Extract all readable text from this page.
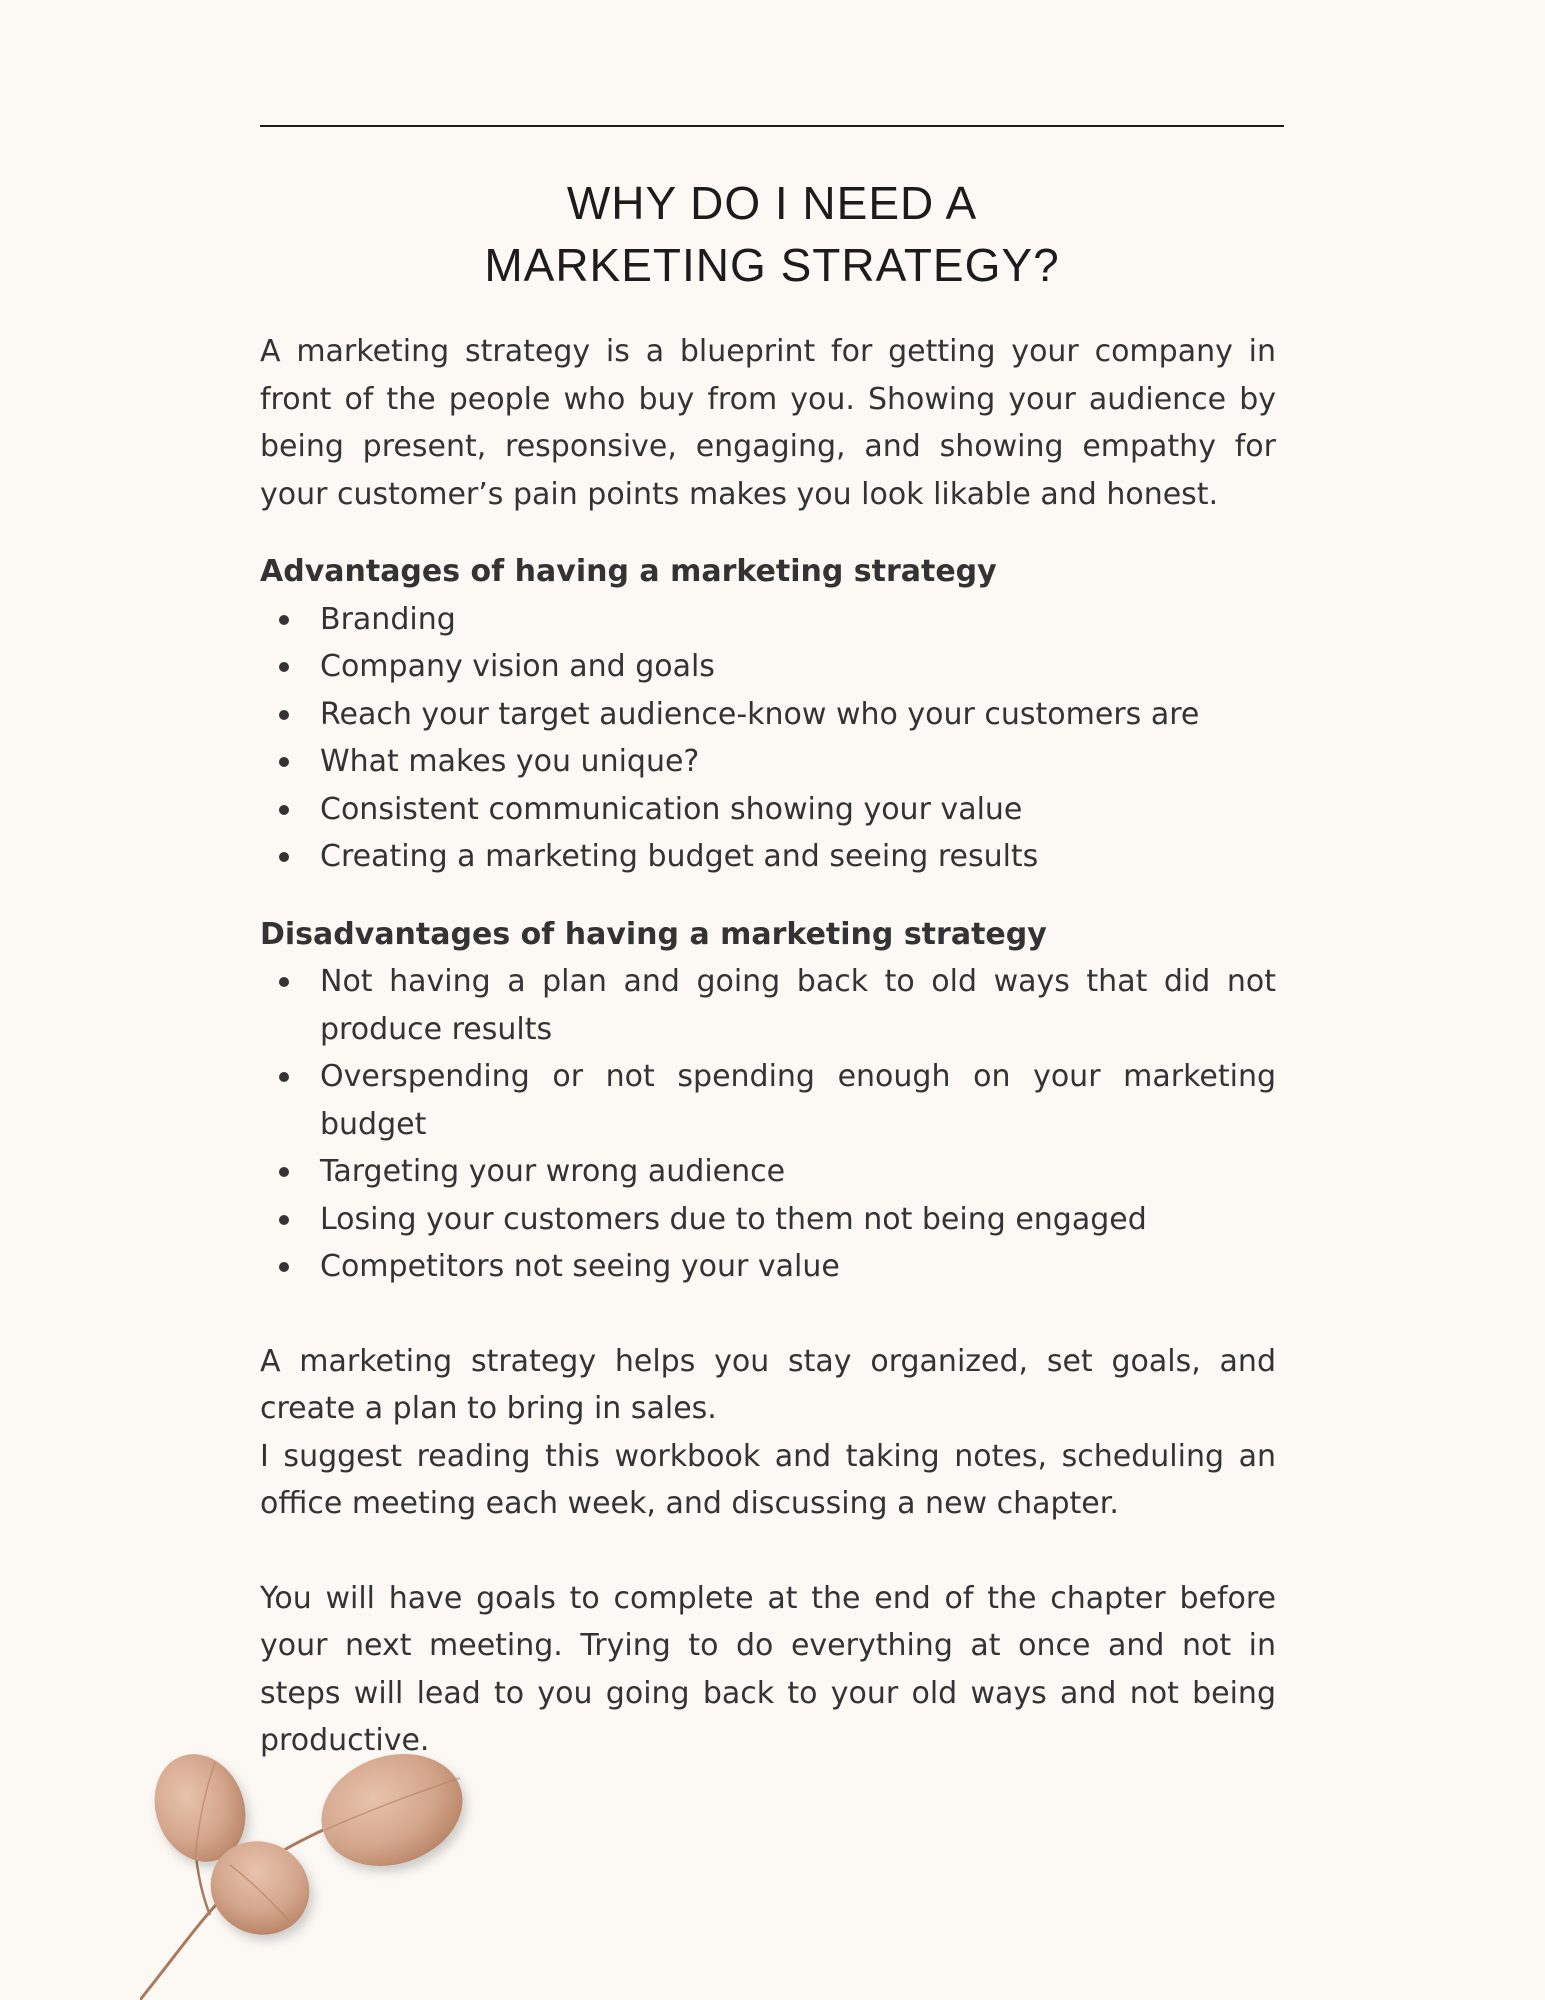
WHY DO I NEED A
MARKETING STRATEGY?

A marketing strategy is a blueprint for getting your company in front of the people who buy from you. Showing your audience by being present, responsive, engaging, and showing empathy for your customer’s pain points makes you look likable and honest.

Advantages of having a marketing strategy
Branding
Company vision and goals
Reach your target audience-know who your customers are
What makes you unique?
Consistent communication showing your value
Creating a marketing budget and seeing results
Disadvantages of having a marketing strategy
Not having a plan and going back to old ways that did not produce results
Overspending or not spending enough on your marketing budget
Targeting your wrong audience
Losing your customers due to them not being engaged
Competitors not seeing your value

A marketing strategy helps you stay organized, set goals, and create a plan to bring in sales.

I suggest reading this workbook and taking notes, scheduling an office meeting each week, and discussing a new chapter.

You will have goals to complete at the end of the chapter before your next meeting. Trying to do everything at once and not in steps will lead to you going back to your old ways and not being productive.
